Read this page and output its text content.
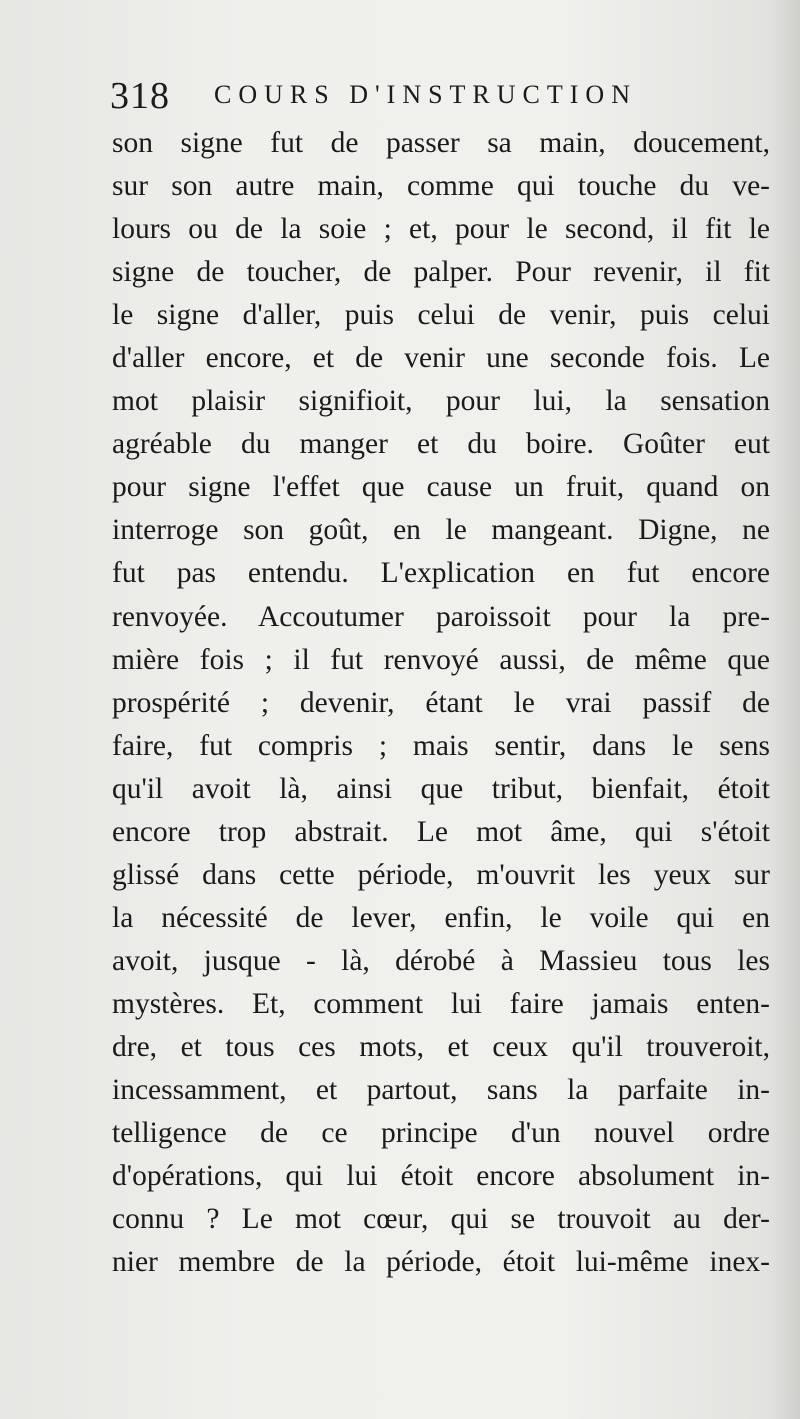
318 COURS D'INSTRUCTION
son signe fut de passer sa main, doucement,
sur son autre main, comme qui touche du ve-
lours ou de la soie ; et, pour le second, il fit le
signe de toucher, de palper. Pour revenir, il fit
le signe d'aller, puis celui de venir, puis celui
d'aller encore, et de venir une seconde fois. Le
mot plaisir signifioit, pour lui, la sensation
agréable du manger et du boire. Goûter eut
pour signe l'effet que cause un fruit, quand on
interroge son goût, en le mangeant. Digne, ne
fut pas entendu. L'explication en fut encore
renvoyée. Accoutumer paroissoit pour la pre-
mière fois ; il fut renvoyé aussi, de même que
prospérité ; devenir, étant le vrai passif de
faire, fut compris ; mais sentir, dans le sens
qu'il avoit là, ainsi que tribut, bienfait, étoit
encore trop abstrait. Le mot âme, qui s'étoit
glissé dans cette période, m'ouvrit les yeux sur
la nécessité de lever, enfin, le voile qui en
avoit, jusque - là, dérobé à Massieu tous les
mystères. Et, comment lui faire jamais enten-
dre, et tous ces mots, et ceux qu'il trouveroit,
incessamment, et partout, sans la parfaite in-
telligence de ce principe d'un nouvel ordre
d'opérations, qui lui étoit encore absolument in-
connu ? Le mot cœur, qui se trouvoit au der-
nier membre de la période, étoit lui-même inex-
